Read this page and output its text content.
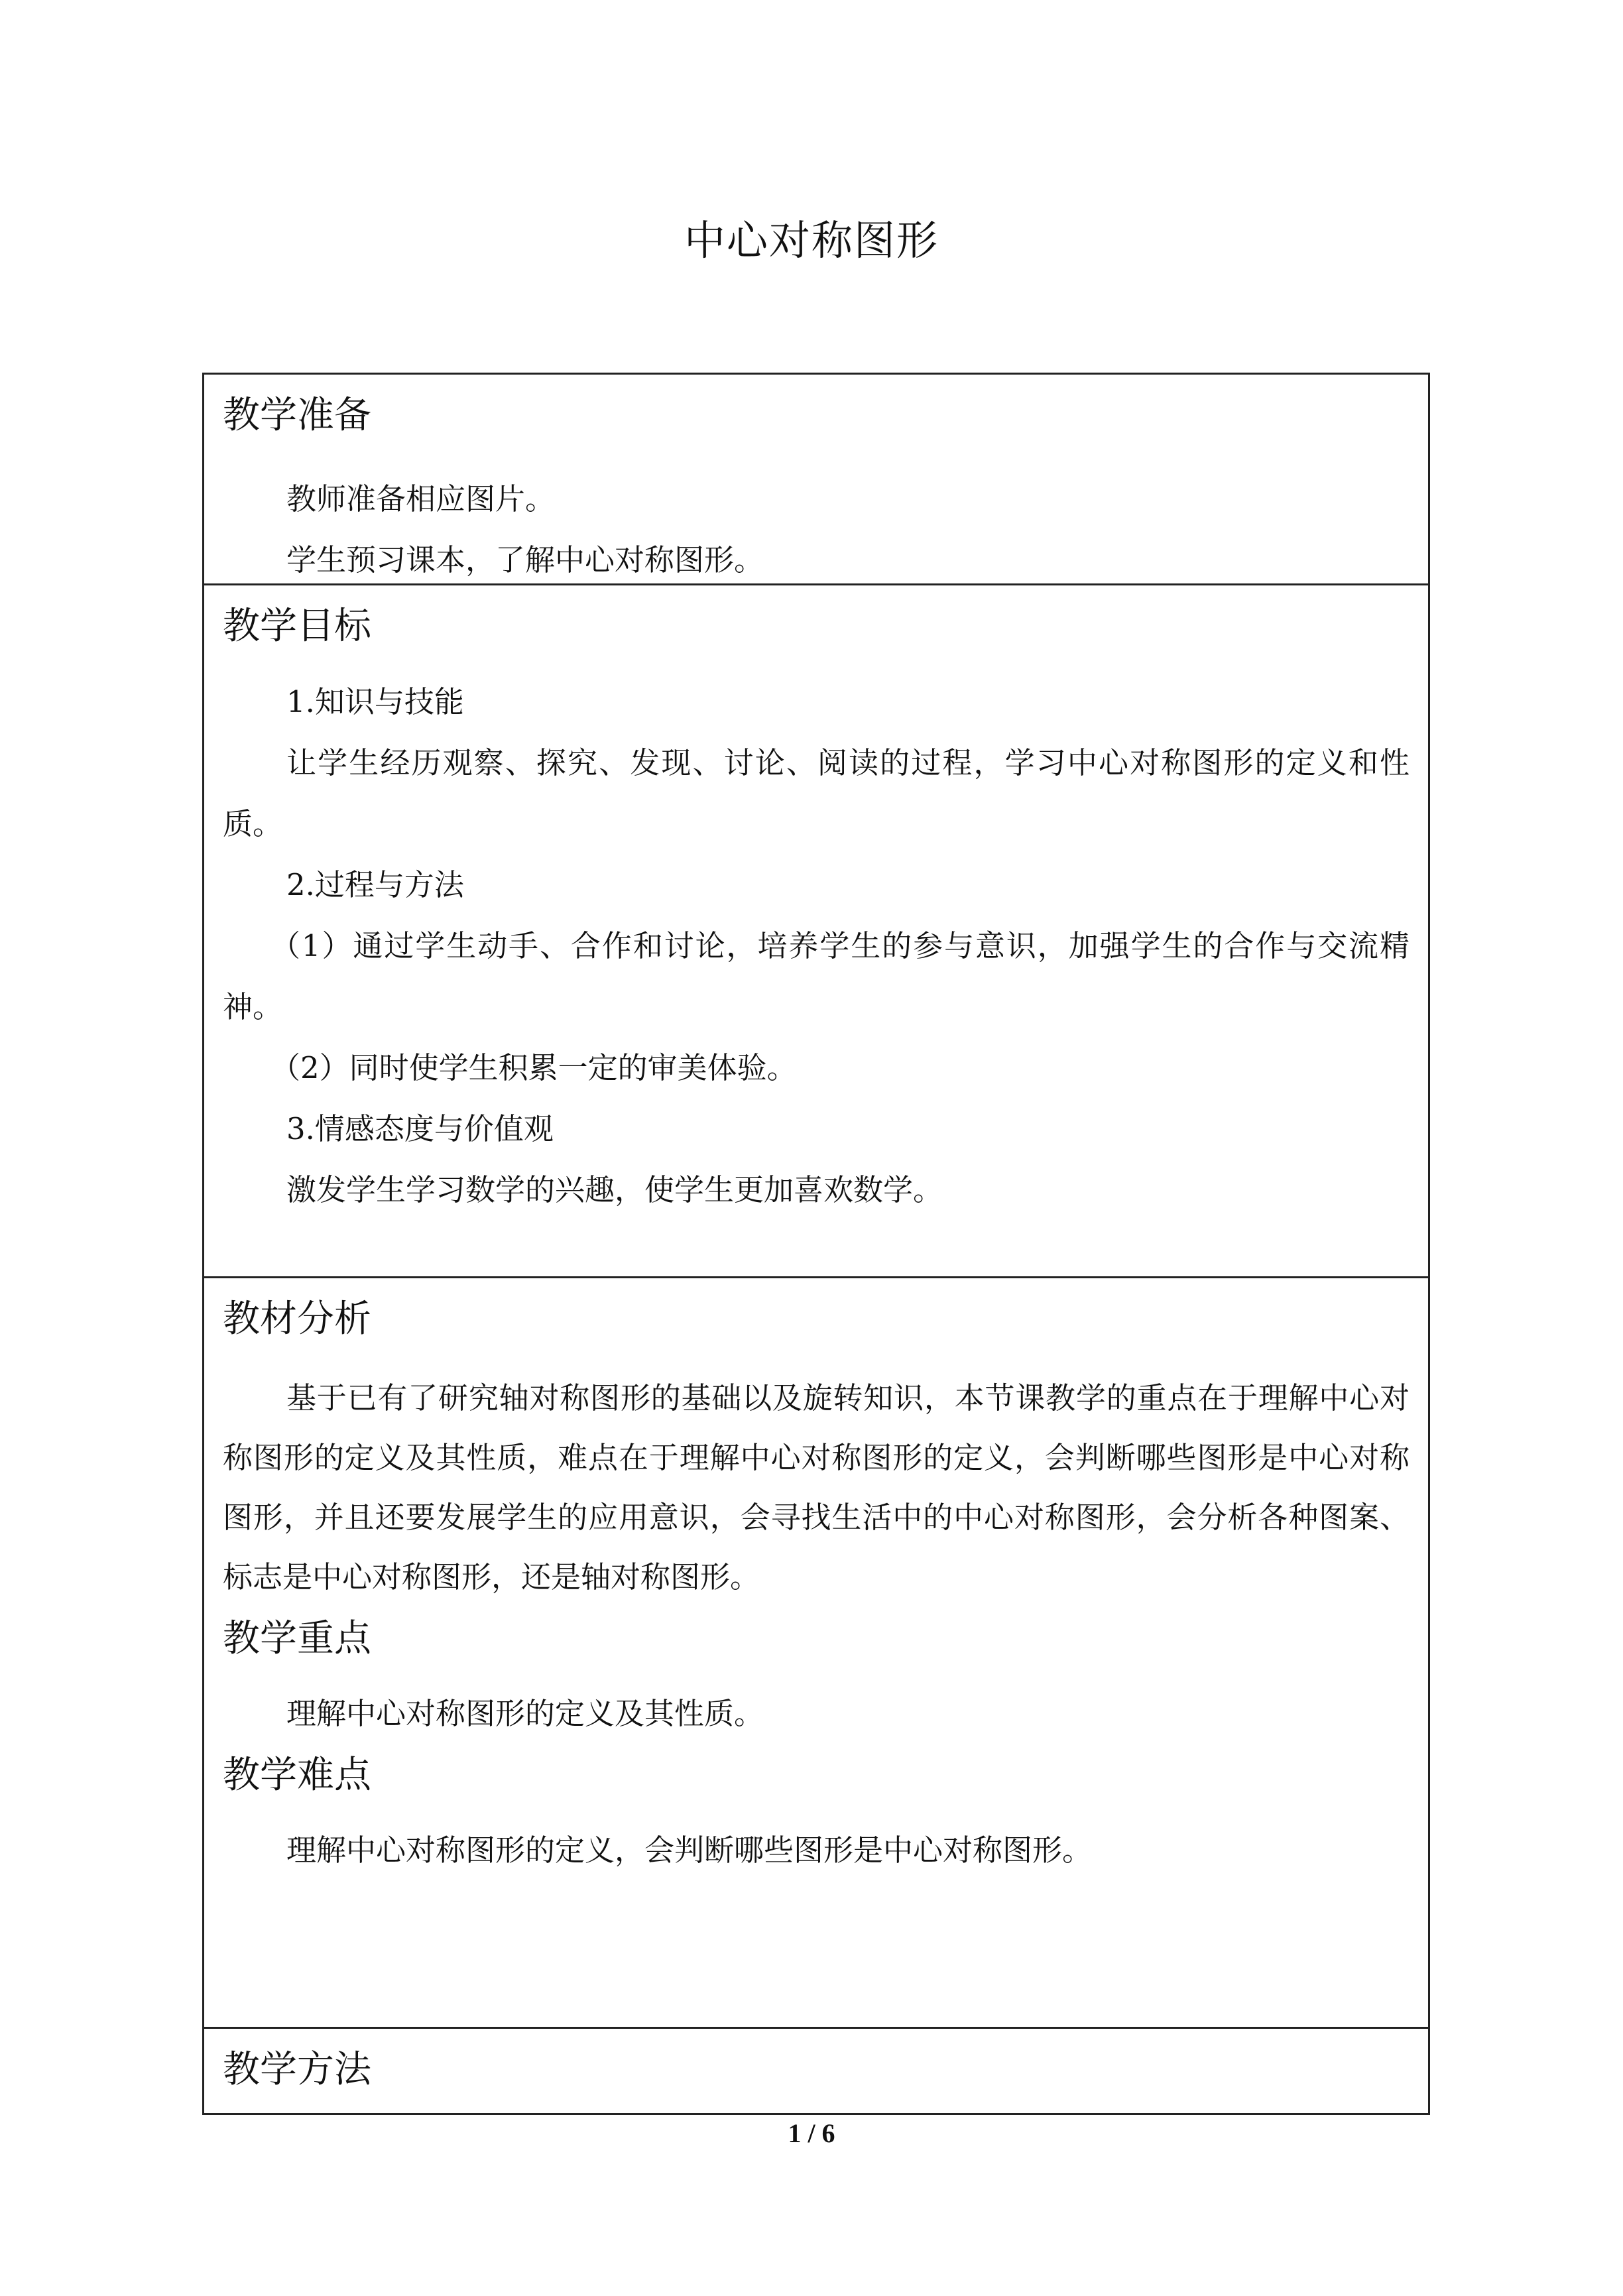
中心对称图形
教学准备

教师准备相应图片。

学生预习课本，了解中心对称图形。

教学目标

1.知识与技能

让学生经历观察、探究、发现、讨论、阅读的过程，学习中心对称图形的定义和性质。

2.过程与方法

（1）通过学生动手、合作和讨论，培养学生的参与意识，加强学生的合作与交流精神。

（2）同时使学生积累一定的审美体验。

3.情感态度与价值观

激发学生学习数学的兴趣，使学生更加喜欢数学。

教材分析

基于已有了研究轴对称图形的基础以及旋转知识，本节课教学的重点在于理解中心对称图形的定义及其性质，难点在于理解中心对称图形的定义，会判断哪些图形是中心对称图形，并且还要发展学生的应用意识，会寻找生活中的中心对称图形，会分析各种图案、标志是中心对称图形，还是轴对称图形。

教学重点

理解中心对称图形的定义及其性质。

教学难点

理解中心对称图形的定义，会判断哪些图形是中心对称图形。

教学方法
1 / 6
